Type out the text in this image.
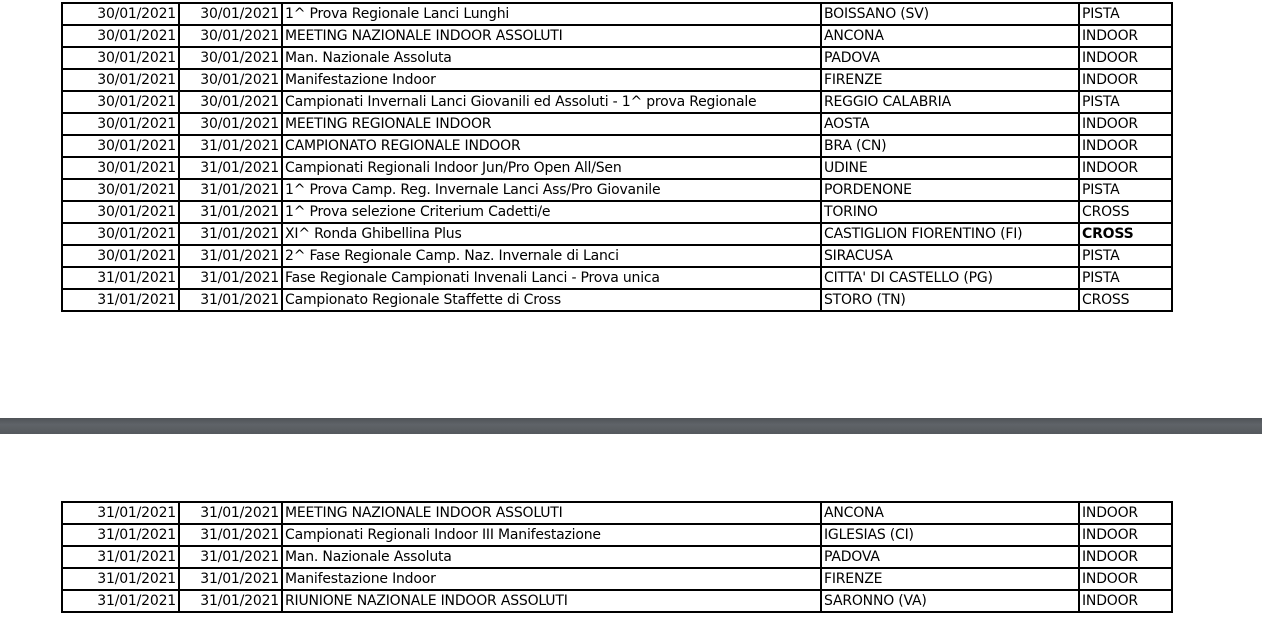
30/01/2021	30/01/2021	1^ Prova Regionale Lanci Lunghi	BOISSANO (SV)	PISTA
30/01/2021	30/01/2021	MEETING NAZIONALE INDOOR ASSOLUTI	ANCONA	INDOOR
30/01/2021	30/01/2021	Man. Nazionale Assoluta	PADOVA	INDOOR
30/01/2021	30/01/2021	Manifestazione Indoor	FIRENZE	INDOOR
30/01/2021	30/01/2021	Campionati Invernali Lanci Giovanili ed Assoluti - 1^ prova Regionale	REGGIO CALABRIA	PISTA
30/01/2021	30/01/2021	MEETING REGIONALE INDOOR	AOSTA	INDOOR
30/01/2021	31/01/2021	CAMPIONATO REGIONALE INDOOR	BRA (CN)	INDOOR
30/01/2021	31/01/2021	Campionati Regionali Indoor Jun/Pro Open All/Sen	UDINE	INDOOR
30/01/2021	31/01/2021	1^ Prova Camp. Reg. Invernale Lanci Ass/Pro Giovanile	PORDENONE	PISTA
30/01/2021	31/01/2021	1^ Prova selezione Criterium Cadetti/e	TORINO	CROSS
30/01/2021	31/01/2021	XI^ Ronda Ghibellina Plus	CASTIGLION FIORENTINO (FI)	CROSS
30/01/2021	31/01/2021	2^ Fase Regionale Camp. Naz. Invernale di Lanci	SIRACUSA	PISTA
31/01/2021	31/01/2021	Fase Regionale Campionati Invenali Lanci - Prova unica	CITTA' DI CASTELLO (PG)	PISTA
31/01/2021	31/01/2021	Campionato Regionale Staffette di Cross	STORO (TN)	CROSS
31/01/2021	31/01/2021	MEETING NAZIONALE INDOOR ASSOLUTI	ANCONA	INDOOR
31/01/2021	31/01/2021	Campionati Regionali Indoor III Manifestazione	IGLESIAS (CI)	INDOOR
31/01/2021	31/01/2021	Man. Nazionale Assoluta	PADOVA	INDOOR
31/01/2021	31/01/2021	Manifestazione Indoor	FIRENZE	INDOOR
31/01/2021	31/01/2021	RIUNIONE NAZIONALE INDOOR ASSOLUTI	SARONNO (VA)	INDOOR
